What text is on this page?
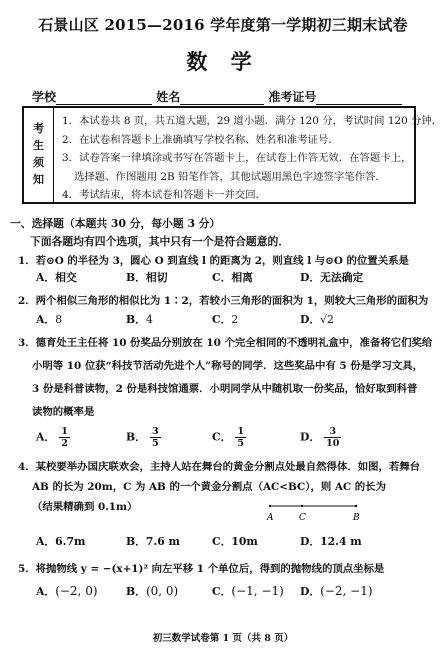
石景山区 2015—2016 学年度第一学期初三期末试卷
数 学
学校	姓名	准考证号
考
生
须
知
1．本试卷共 8 页，共五道大题，29 道小题．满分 120 分，考试时间 120 分钟．
2．在试卷和答题卡上准确填写学校名称、姓名和准考证号．
3．试卷答案一律填涂或书写在答题卡上，在试卷上作答无效．在答题卡上，
选择题、作图题用 2B 铅笔作答，其他试题用黑色字迹签字笔作答．
4．考试结束，将本试卷和答题卡一并交回．
一、选择题（本题共 30 分，每小题 3 分）
下面各题均有四个选项，其中只有一个是符合题意的．
1．若⊙O 的半径为 3，圆心 O 到直线 l 的距离为 2，则直线 l 与⊙O 的位置关系是
A．相交	B．相切	C．相离	D．无法确定
2．两个相似三角形的相似比为 1∶2，若较小三角形的面积为 1，则较大三角形的面积为
A．8	B．4	C．2	D．√2
3．德育处王主任将 10 份奖品分别放在 10 个完全相同的不透明礼盒中，准备将它们奖给
小明等 10 位获“科技节活动先进个人”称号的同学．这些奖品中有 5 份是学习文具，
3 份是科普读物，2 份是科技馆通票．小明同学从中随机取一份奖品，恰好取到科普
读物的概率是
A． $\frac{1}{2}$	B． $\frac{3}{5}$	C． $\frac{1}{5}$	D． $\frac{3}{10}$
4．某校要举办国庆联欢会，主持人站在舞台的黄金分割点处最自然得体．如图，若舞台
AB 的长为 20m，C 为 AB 的一个黄金分割点（AC<BC），则 AC 的长为
（结果精确到 0.1m）
A	C	B
A．6.7m	B．7.6 m	C．10m	D．12.4 m
5．将抛物线 y = −(x+1)² 向左平移 1 个单位后，得到的抛物线的顶点坐标是
A．(−2, 0)	B．(0, 0)	C．(−1, −1) D．(−2, −1)
初三数学试卷第 1 页（共 8 页）
